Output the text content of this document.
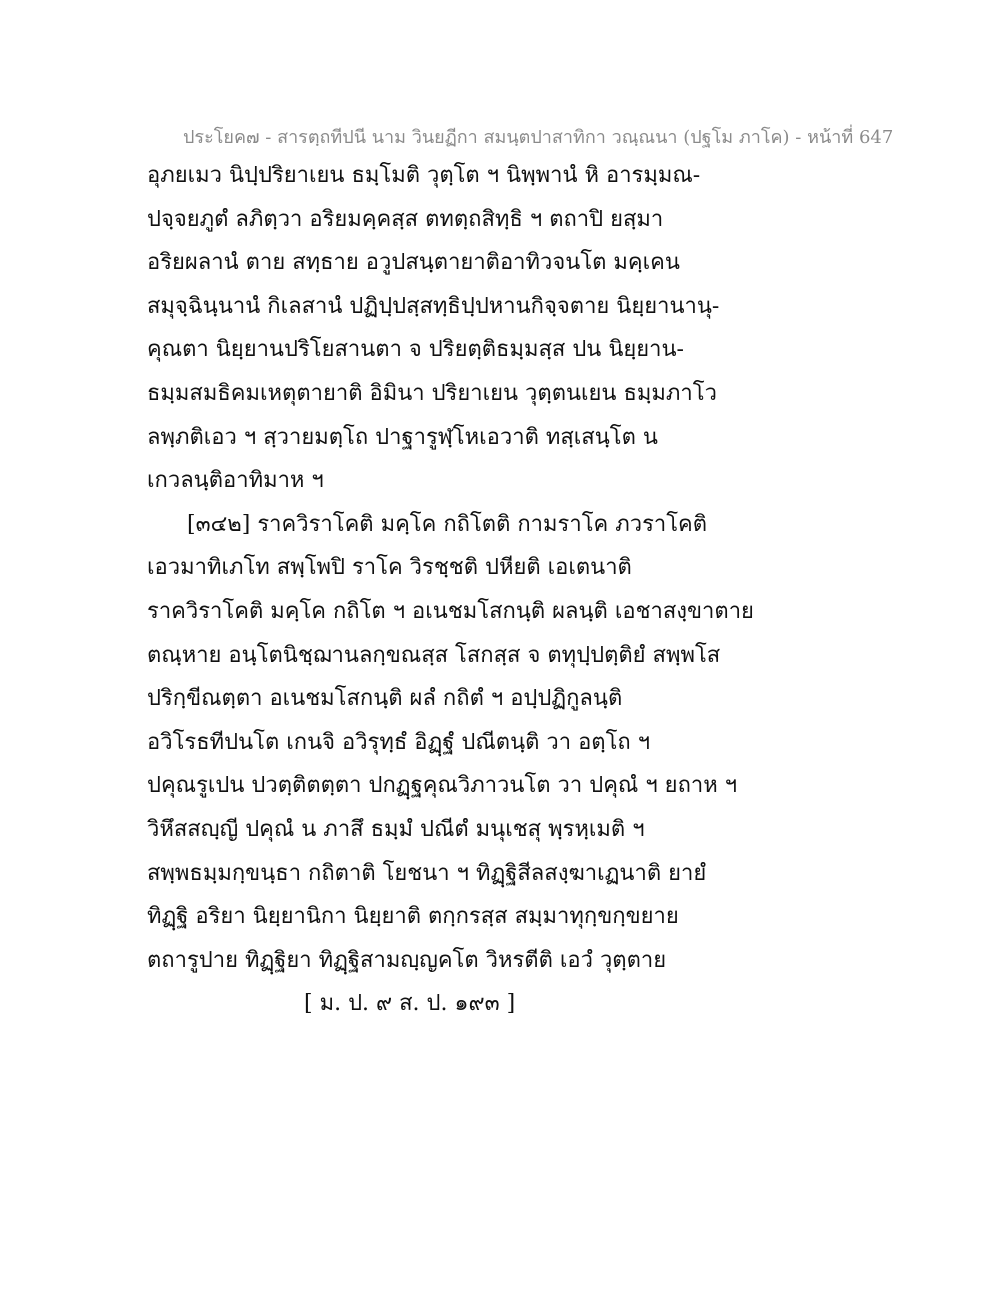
ประโยค๗ - สารตฺถทีปนี นาม วินยฏีกา สมนฺตปาสาทิกา วณฺณนา (ปฐโม ภาโค) - หน้าที่ 647
อุภยเมว นิปฺปริยาเยน ธมฺโมติ วุตฺโต ฯ นิพฺพานํ หิ อารมฺมณ-
ปจฺจยภูตํ ลภิตฺวา อริยมคฺคสฺส ตทตฺถสิทฺธิ ฯ ตถาปิ ยสฺมา
อริยผลานํ ตาย สทฺธาย อวูปสนฺตายาติอาทิวจนโต มคฺเคน
สมุจฺฉินฺนานํ กิเลสานํ ปฏิปฺปสฺสทฺธิปฺปหานกิจฺจตาย นิยฺยานานุ-
คุณตา นิยฺยานปริโยสานตา จ ปริยตฺติธมฺมสฺส ปน นิยฺยาน-
ธมฺมสมธิคมเหตุตายาติ อิมินา ปริยาเยน วุตฺตนเยน ธมฺมภาโว
ลพฺภติเอว ฯ สฺวายมตฺโถ ปาฐารูฬฺโหเอวาติ ทสฺเสนฺโต น
เกวลนฺติอาทิมาห ฯ
[๓๔๒] ราควิราโคติ มคฺโค กถิโตติ กามราโค ภวราโคติ
เอวมาทิเภโท สพฺโพปิ ราโค วิรชฺชติ ปหียติ เอเตนาติ
ราควิราโคติ มคฺโค กถิโต ฯ อเนชมโสกนฺติ ผลนฺติ เอชาสงฺขาตาย
ตณฺหาย อนฺโตนิชฺฌานลกฺขณสฺส โสกสฺส จ ตทุปฺปตฺติยํ สพฺพโส
ปริกฺขีณตฺตา อเนชมโสกนฺติ ผลํ กถิตํ ฯ อปฺปฏิกูลนฺติ
อวิโรธทีปนโต เกนจิ อวิรุทฺธํ อิฏฺฐํ ปณีตนฺติ วา อตฺโถ ฯ
ปคุณรูเปน ปวตฺติตตฺตา ปกฏฺฐคุณวิภาวนโต วา ปคุณํ ฯ ยถาห ฯ
วิหึสสญฺญี ปคุณํ น ภาสึ ธมฺมํ ปณีตํ มนุเชสุ พฺรหฺเมติ ฯ
สพฺพธมฺมกฺขนฺธา กถิตาติ โยชนา ฯ ทิฏฺฐิสีลสงฺฆาเฏนาติ ยายํ
ทิฏฺฐิ อริยา นิยฺยานิกา นิยฺยาติ ตกฺกรสฺส สมฺมาทุกฺขกฺขยาย
ตถารูปาย ทิฏฺฐิยา ทิฏฺฐิสามญฺญคโต วิหรตีติ เอวํ วุตฺตาย
[ ม. ป. ๙ ส. ป. ๑๙๓ ]
